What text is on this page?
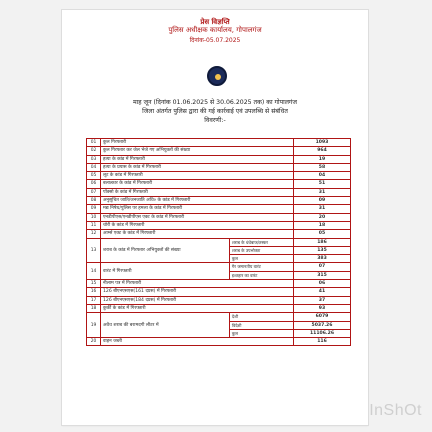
प्रेस विज्ञप्ति
पुलिस अधीक्षक कार्यालय, गोपालगंज
दिनांक-05.07.2025
माह जून (दिनांक 01.06.2025 से 30.06.2025 तक) का गोपालगंज
जिला अंतर्गत पुलिस द्वारा की गई कार्रवाई एवं उपलब्धि से संबंधित
विवरणी:-
01	कुल गिरफ्तारी		1093
02	कुल गिरफ्तार कर जेल भेजे गए अभियुक्तों की संख्या		964
03	हत्या के कांड में गिरफ्तारी		19
04	हत्या के प्रयास के कांड में गिरफ्तारी		58
05	लूट के कांड में गिरफ्तारी		04
06	बलात्कार के कांड में गिरफ्तारी		51
07	पॉक्सो के कांड में गिरफ्तारी		31
08	अनुसूचित जाति/जनजाति अधि० के कांड में गिरफ्तारी		09
09	मद्य निषेध/पुलिस पर हमला के कांड में गिरफ्तारी		31
10	एनडीपीएस/एनडीपीएस एक्ट के कांड में गिरफ्तारी		20
11	चोरी के कांड में गिरफ्तारी		18
12	आर्म्स एक्ट के कांड में गिरफ्तारी		05
13	शराब के कांड में गिरफ्तार अभियुक्तों की संख्या	शराब के धंधेबाज/तस्कर	186
		शराब के उपभोक्ता	135
		कुल	383
14	वारंट में गिरफ्तारी	गैर जमानतीय वारंट	07
		इश्तहार का वारंट	315
15	नीलाम पत्र में गिरफ्तारी		06
16	126 बीएनएसएस(161 दप्रस) में गिरफ्तारी		41
17	126 बीएनएसएस(184 दप्रस) में गिरफ्तारी		37
18	कुर्की के कांड में गिरफ्तारी		93
19	अवैध शराब की बरामदगी लीटर में	देशी	6079
		विदेशी	5037.26
		कुल	11106.26
20	वाहन जब्ती		116
InShOt
